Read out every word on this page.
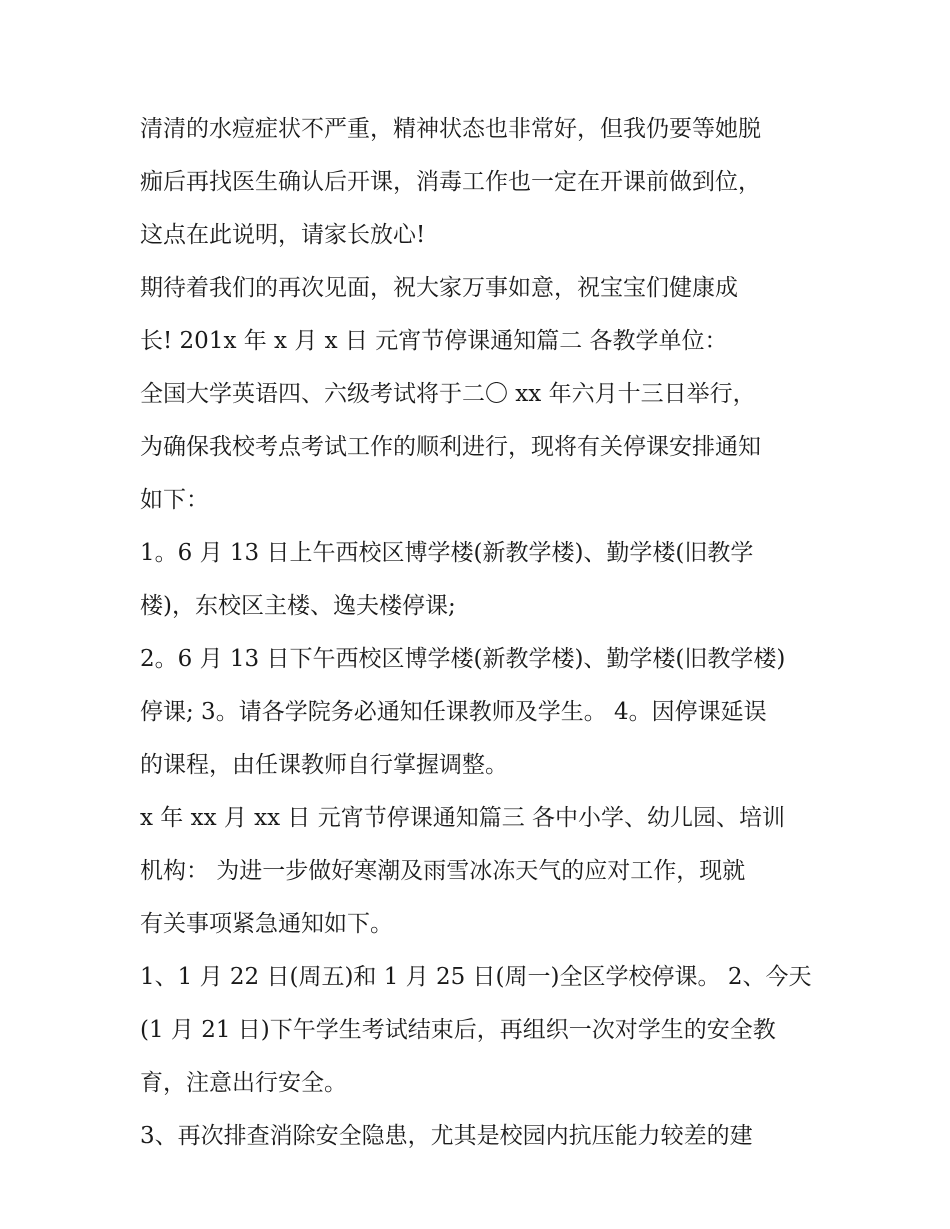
清清的水痘症状不严重，精神状态也非常好，但我仍要等她脱

痂后再找医生确认后开课，消毒工作也一定在开课前做到位，

这点在此说明，请家长放心!

期待着我们的再次见面，祝大家万事如意，祝宝宝们健康成

长! 201x 年 x 月 x 日 元宵节停课通知篇二 各教学单位：

全国大学英语四、六级考试将于二〇 xx 年六月十三日举行，

为确保我校考点考试工作的顺利进行，现将有关停课安排通知

如下：

1。6 月 13 日上午西校区博学楼(新教学楼)、勤学楼(旧教学

楼)，东校区主楼、逸夫楼停课;

2。6 月 13 日下午西校区博学楼(新教学楼)、勤学楼(旧教学楼)

停课; 3。请各学院务必通知任课教师及学生。 4。因停课延误

的课程，由任课教师自行掌握调整。

x 年 xx 月 xx 日 元宵节停课通知篇三 各中小学、幼儿园、培训

机构： 为进一步做好寒潮及雨雪冰冻天气的应对工作，现就

有关事项紧急通知如下。

1、1 月 22 日(周五)和 1 月 25 日(周一)全区学校停课。 2、今天

(1 月 21 日)下午学生考试结束后，再组织一次对学生的安全教

育，注意出行安全。

3、再次排查消除安全隐患，尤其是校园内抗压能力较差的建
